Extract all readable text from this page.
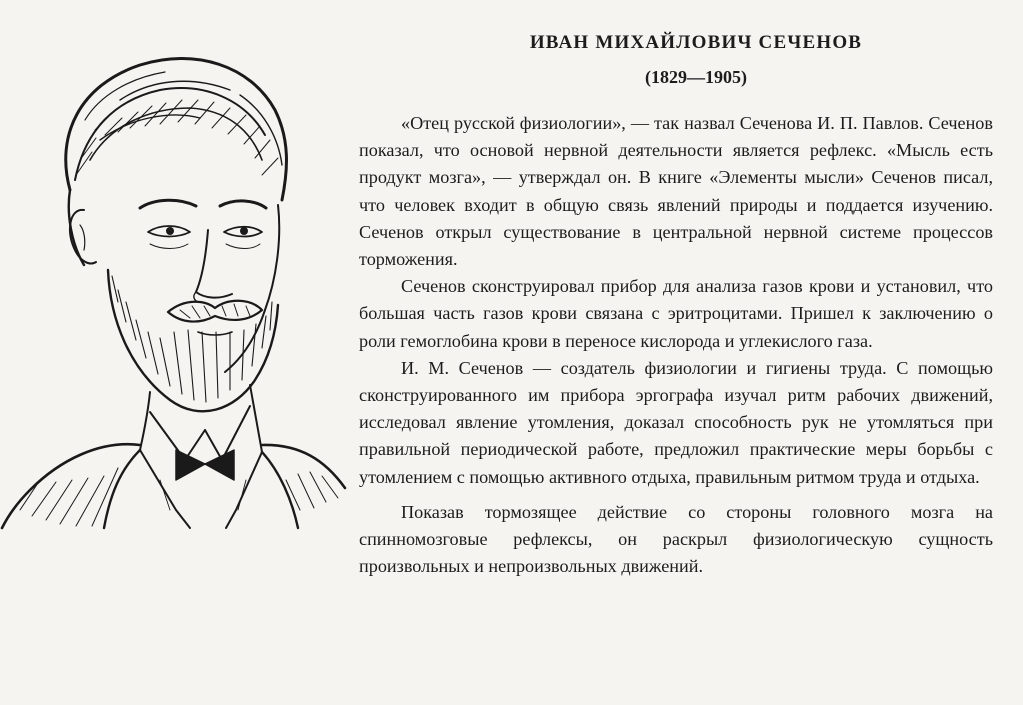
ИВАН МИХАЙЛОВИЧ СЕЧЕНОВ
(1829—1905)

«Отец русской физиологии», — так назвал Сеченова И. П. Павлов. Сеченов показал, что основой нервной деятельности является рефлекс. «Мысль есть продукт мозга», — утверждал он. В книге «Элементы мысли» Сеченов писал, что человек входит в общую связь явлений природы и поддается изучению. Сеченов открыл существование в центральной нервной системе процессов торможения.

Сеченов сконструировал прибор для анализа газов крови и установил, что большая часть газов крови связана с эритроцитами. Пришел к заключению о роли гемоглобина крови в переносе кислорода и углекислого газа.

И. М. Сеченов — создатель физиологии и гигиены труда. С помощью сконструированного им прибора эргографа изучал ритм рабочих движений, исследовал явление утомления, доказал способность рук не утомляться при правильной периодической работе, предложил практические меры борьбы с утомлением с помощью активного отдыха, правильным ритмом труда и отдыха.

Показав тормозящее действие со стороны головного мозга на спинномозговые рефлексы, он раскрыл физиологическую сущность произвольных и непроизвольных движений.
